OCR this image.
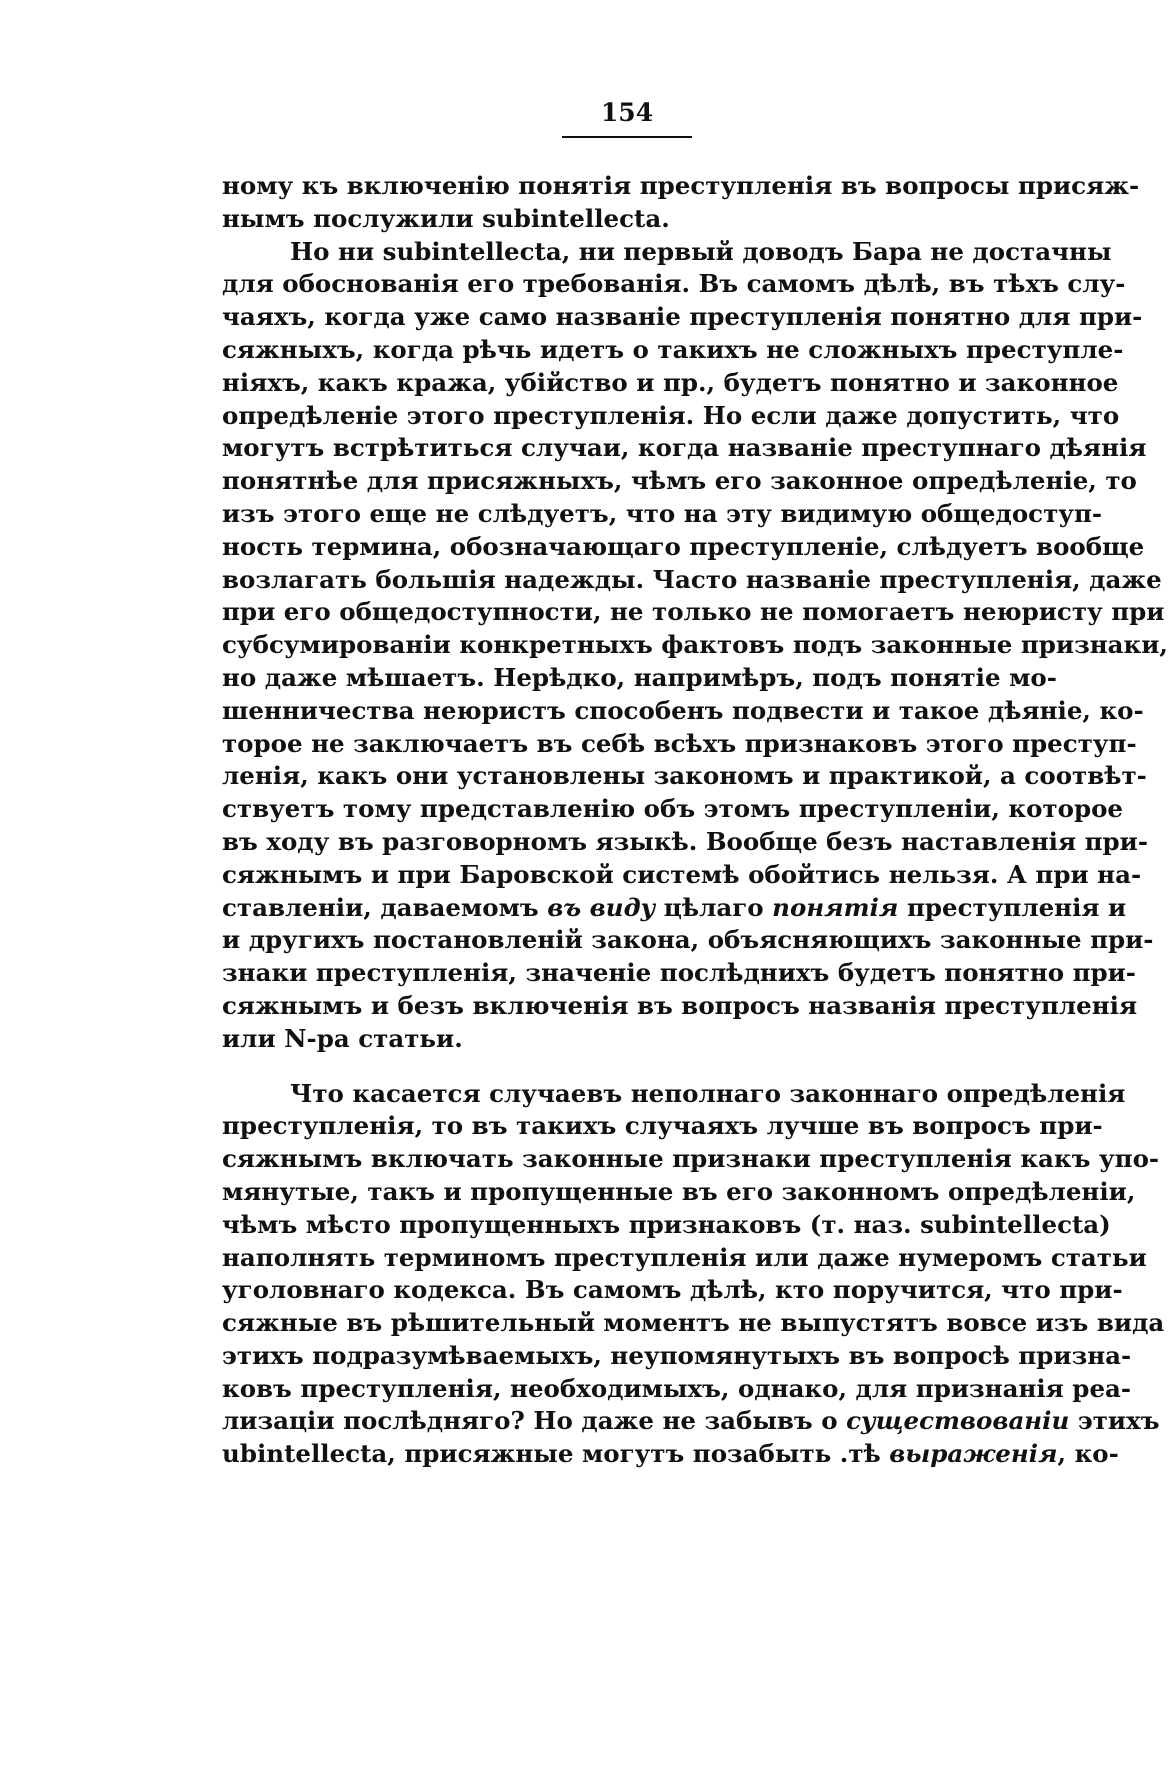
154

ному къ включенію понятія преступленія въ вопросы присяж-
нымъ послужили subintellecta.

Но ни subintellecta, ни первый доводъ Бара не достачны
для обоснованія его требованія. Въ самомъ дѣлѣ, въ тѣхъ слу-
чаяхъ, когда уже само названіе преступленія понятно для при-
сяжныхъ, когда рѣчь идетъ о такихъ не сложныхъ преступле-
ніяхъ, какъ кража, убійство и пр., будетъ понятно и законное
опредѣленіе этого преступленія. Но если даже допустить, что
могутъ встрѣтиться случаи, когда названіе преступнаго дѣянія
понятнѣе для присяжныхъ, чѣмъ его законное опредѣленіе, то
изъ этого еще не слѣдуетъ, что на эту видимую общедоступ-
ность термина, обозначающаго преступленіе, слѣдуетъ вообще
возлагать большія надежды. Часто названіе преступленія, даже
при его общедоступности, не только не помогаетъ неюристу при
субсумированіи конкретныхъ фактовъ подъ законные признаки,
но даже мѣшаетъ. Нерѣдко, напримѣръ, подъ понятіе мо-
шенничества неюристъ способенъ подвести и такое дѣяніе, ко-
торое не заключаетъ въ себѣ всѣхъ признаковъ этого преступ-
ленія, какъ они установлены закономъ и практикой, а соотвѣт-
ствуетъ тому представленію объ этомъ преступленіи, которое
въ ходу въ разговорномъ языкѣ. Вообще безъ наставленія при-
сяжнымъ и при Баровской системѣ обойтись нельзя. А при на-
ставленіи, даваемомъ въ виду цѣлаго понятія преступленія и
и другихъ постановленій закона, объясняющихъ законные при-
знаки преступленія, значеніе послѣднихъ будетъ понятно при-
сяжнымъ и безъ включенія въ вопросъ названія преступленія
или N-ра статьи.

Что касается случаевъ неполнаго законнаго опредѣленія
преступленія, то въ такихъ случаяхъ лучше въ вопросъ при-
сяжнымъ включать законные признаки преступленія какъ упо-
мянутые, такъ и пропущенные въ его законномъ опредѣленіи,
чѣмъ мѣсто пропущенныхъ признаковъ (т. наз. subintellecta)
наполнять терминомъ преступленія или даже нумеромъ статьи
уголовнаго кодекса. Въ самомъ дѣлѣ, кто поручится, что при-
сяжные въ рѣшительный моментъ не выпустятъ вовсе изъ вида
этихъ подразумѣваемыхъ, неупомянутыхъ въ вопросѣ призна-
ковъ преступленія, необходимыхъ, однако, для признанія реа-
лизаціи послѣдняго? Но даже не забывъ о существованіи этихъ
ubintellecta, присяжные могутъ позабыть .тѣ выраженія, ко-
